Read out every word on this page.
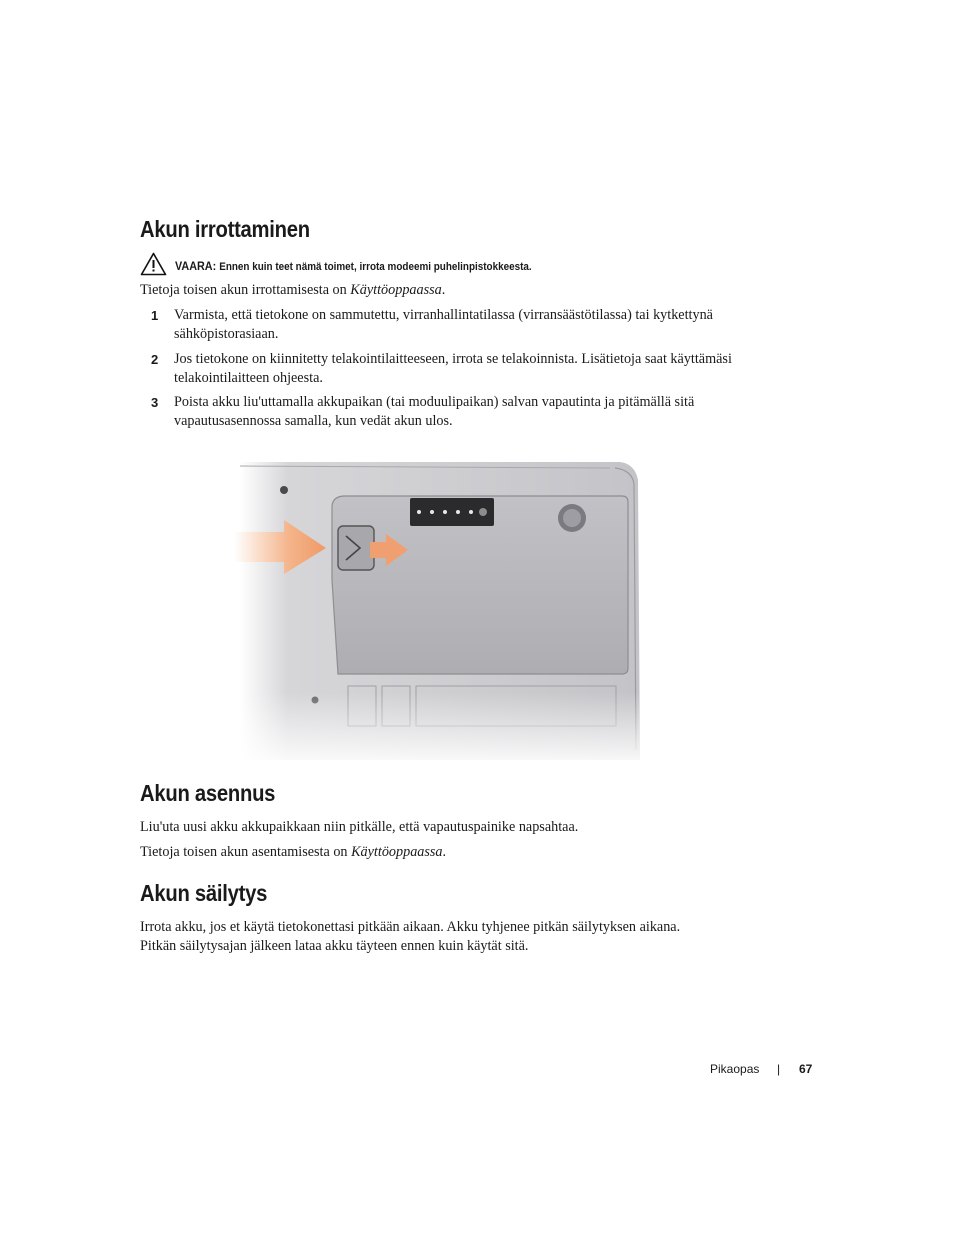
Akun irrottaminen
VAARA: Ennen kuin teet nämä toimet, irrota modeemi puhelinpistokkeesta.
Tietoja toisen akun irrottamisesta on Käyttöoppaassa.
1 Varmista, että tietokone on sammutettu, virranhallintatilassa (virransäästötilassa) tai kytkettynä sähköpistorasiaan.
2 Jos tietokone on kiinnitetty telakointilaitteeseen, irrota se telakoinnista. Lisätietoja saat käyttämäsi telakointilaitteen ohjeesta.
3 Poista akku liu'uttamalla akkupaikan (tai moduulipaikan) salvan vapautinta ja pitämällä sitä vapautusasennossa samalla, kun vedät akun ulos.
Akun asennus
Liu'uta uusi akku akkupaikkaan niin pitkälle, että vapautuspainike napsahtaa.
Tietoja toisen akun asentamisesta on Käyttöoppaassa.
Akun säilytys
Irrota akku, jos et käytä tietokonettasi pitkään aikaan. Akku tyhjenee pitkän säilytyksen aikana.
Pitkän säilytysajan jälkeen lataa akku täyteen ennen kuin käytät sitä.
Pikaopas | 67
